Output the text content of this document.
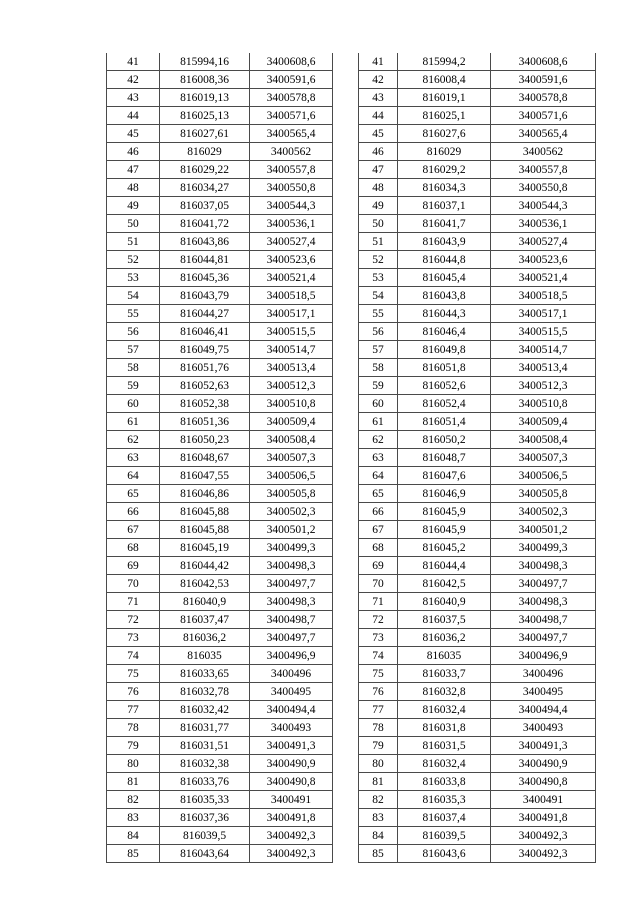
41	815994,16	3400608,6
42	816008,36	3400591,6
43	816019,13	3400578,8
44	816025,13	3400571,6
45	816027,61	3400565,4
46	816029	3400562
47	816029,22	3400557,8
48	816034,27	3400550,8
49	816037,05	3400544,3
50	816041,72	3400536,1
51	816043,86	3400527,4
52	816044,81	3400523,6
53	816045,36	3400521,4
54	816043,79	3400518,5
55	816044,27	3400517,1
56	816046,41	3400515,5
57	816049,75	3400514,7
58	816051,76	3400513,4
59	816052,63	3400512,3
60	816052,38	3400510,8
61	816051,36	3400509,4
62	816050,23	3400508,4
63	816048,67	3400507,3
64	816047,55	3400506,5
65	816046,86	3400505,8
66	816045,88	3400502,3
67	816045,88	3400501,2
68	816045,19	3400499,3
69	816044,42	3400498,3
70	816042,53	3400497,7
71	816040,9	3400498,3
72	816037,47	3400498,7
73	816036,2	3400497,7
74	816035	3400496,9
75	816033,65	3400496
76	816032,78	3400495
77	816032,42	3400494,4
78	816031,77	3400493
79	816031,51	3400491,3
80	816032,38	3400490,9
81	816033,76	3400490,8
82	816035,33	3400491
83	816037,36	3400491,8
84	816039,5	3400492,3
85	816043,64	3400492,3
41	815994,2	3400608,6
42	816008,4	3400591,6
43	816019,1	3400578,8
44	816025,1	3400571,6
45	816027,6	3400565,4
46	816029	3400562
47	816029,2	3400557,8
48	816034,3	3400550,8
49	816037,1	3400544,3
50	816041,7	3400536,1
51	816043,9	3400527,4
52	816044,8	3400523,6
53	816045,4	3400521,4
54	816043,8	3400518,5
55	816044,3	3400517,1
56	816046,4	3400515,5
57	816049,8	3400514,7
58	816051,8	3400513,4
59	816052,6	3400512,3
60	816052,4	3400510,8
61	816051,4	3400509,4
62	816050,2	3400508,4
63	816048,7	3400507,3
64	816047,6	3400506,5
65	816046,9	3400505,8
66	816045,9	3400502,3
67	816045,9	3400501,2
68	816045,2	3400499,3
69	816044,4	3400498,3
70	816042,5	3400497,7
71	816040,9	3400498,3
72	816037,5	3400498,7
73	816036,2	3400497,7
74	816035	3400496,9
75	816033,7	3400496
76	816032,8	3400495
77	816032,4	3400494,4
78	816031,8	3400493
79	816031,5	3400491,3
80	816032,4	3400490,9
81	816033,8	3400490,8
82	816035,3	3400491
83	816037,4	3400491,8
84	816039,5	3400492,3
85	816043,6	3400492,3
